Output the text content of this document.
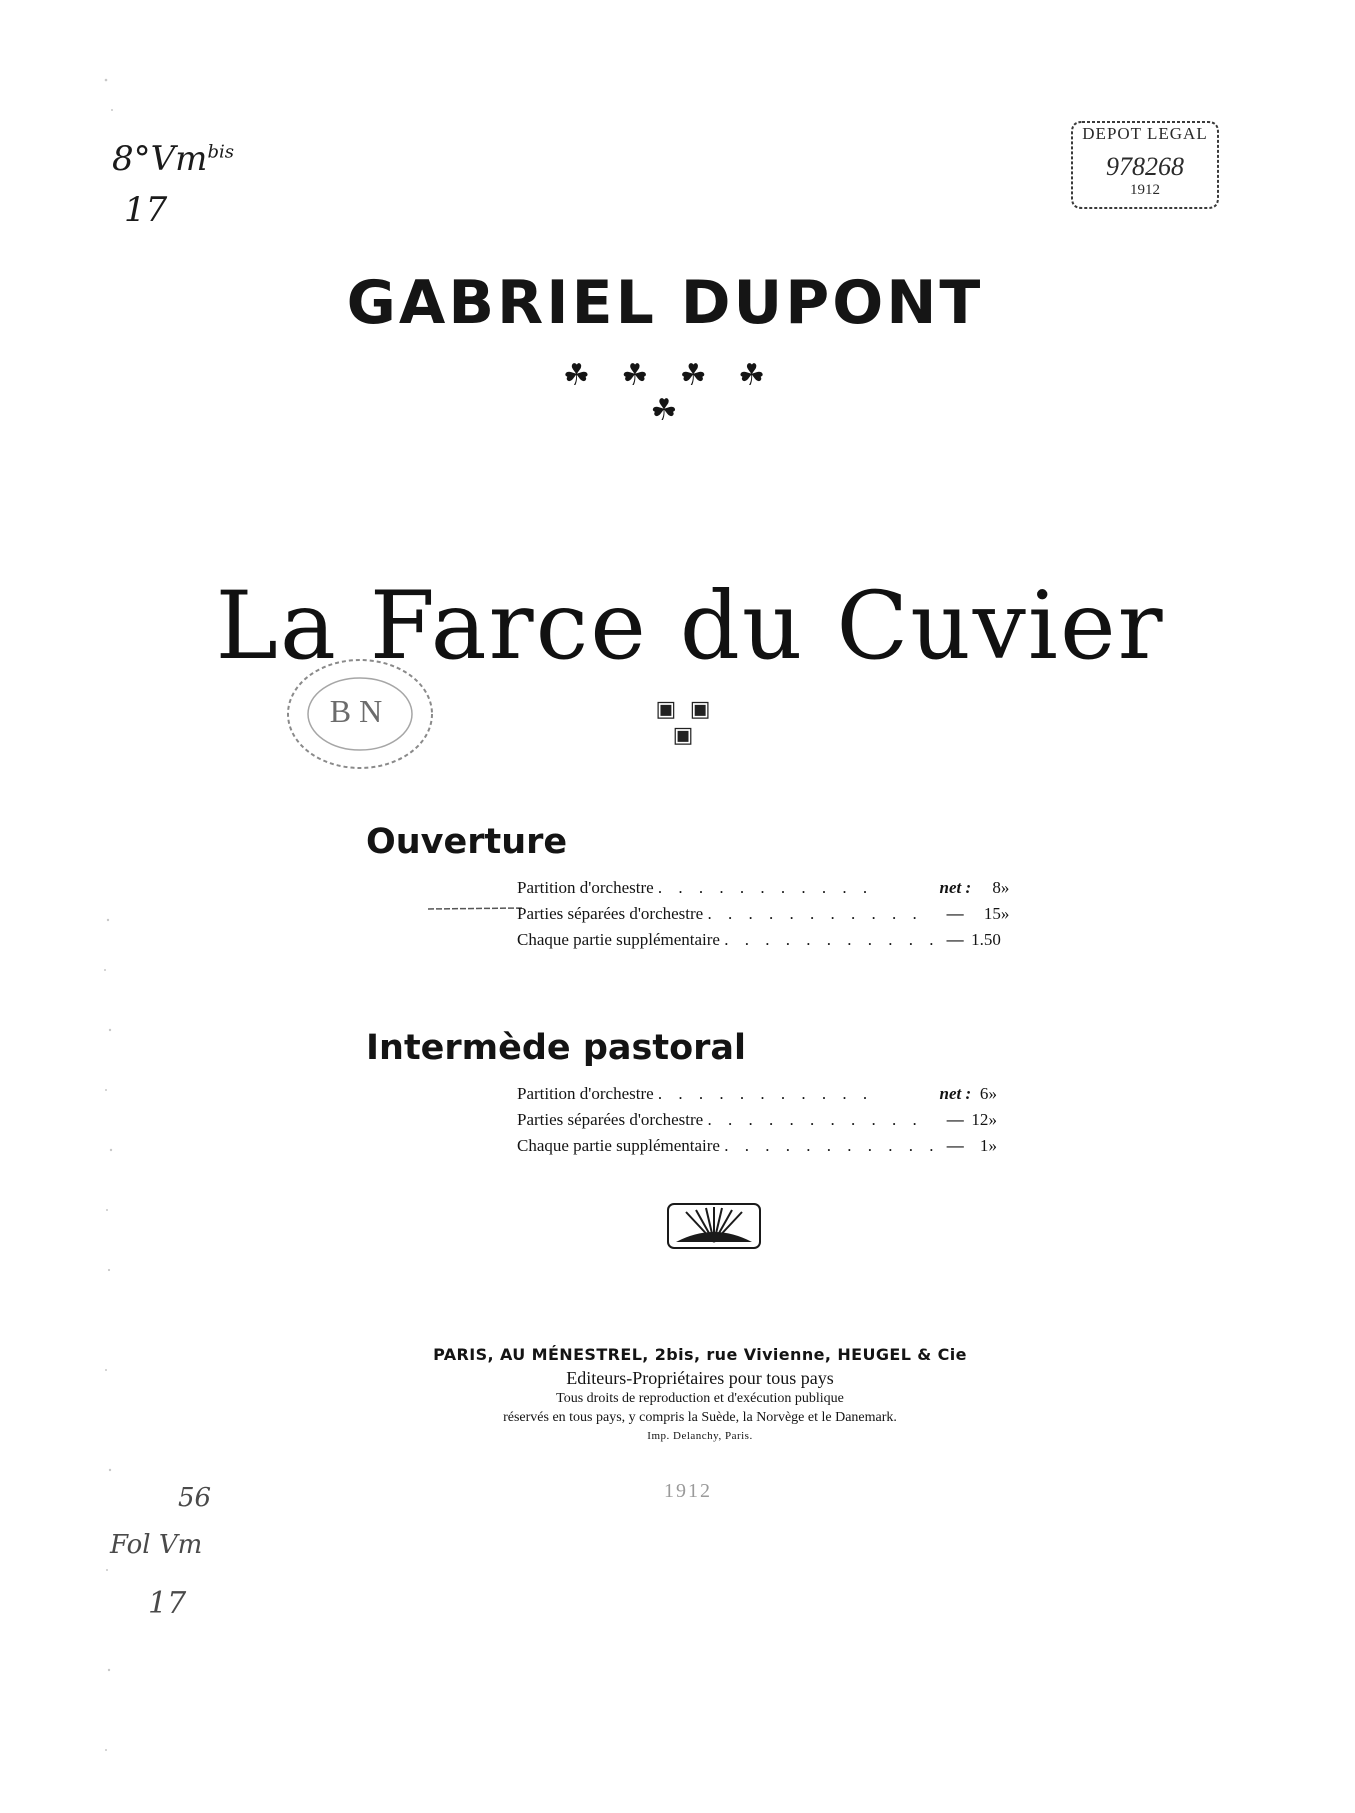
$8^\circ Vm^{bis}$
17
DEPOT LEGAL
978268
1912
GABRIEL DUPONT
☘ ☘ ☘ ☘ ☘
BN
La Farce du Cuvier
▣ ▣ ▣
Ouverture
Partition d'orchestre . . . . . . . . . . .	net :	8	»
Parties séparées d'orchestre . . . . . . . . . . .	—	15	»
Chaque partie supplémentaire . . . . . . . . . . .	—	1.50	
Intermède pastoral
Partition d'orchestre . . . . . . . . . . .	net :	6	»
Parties séparées d'orchestre . . . . . . . . . . .	—	12	»
Chaque partie supplémentaire . . . . . . . . . . .	—	1	»
PARIS, AU MÉNESTREL, 2bis, rue Vivienne, HEUGEL & Cie
Editeurs-Propriétaires pour tous pays
Tous droits de reproduction et d'exécution publique
réservés en tous pays, y compris la Suède, la Norvège et le Danemark.
Imp. Delanchy, Paris.
1912
56
Fol Vm
17
